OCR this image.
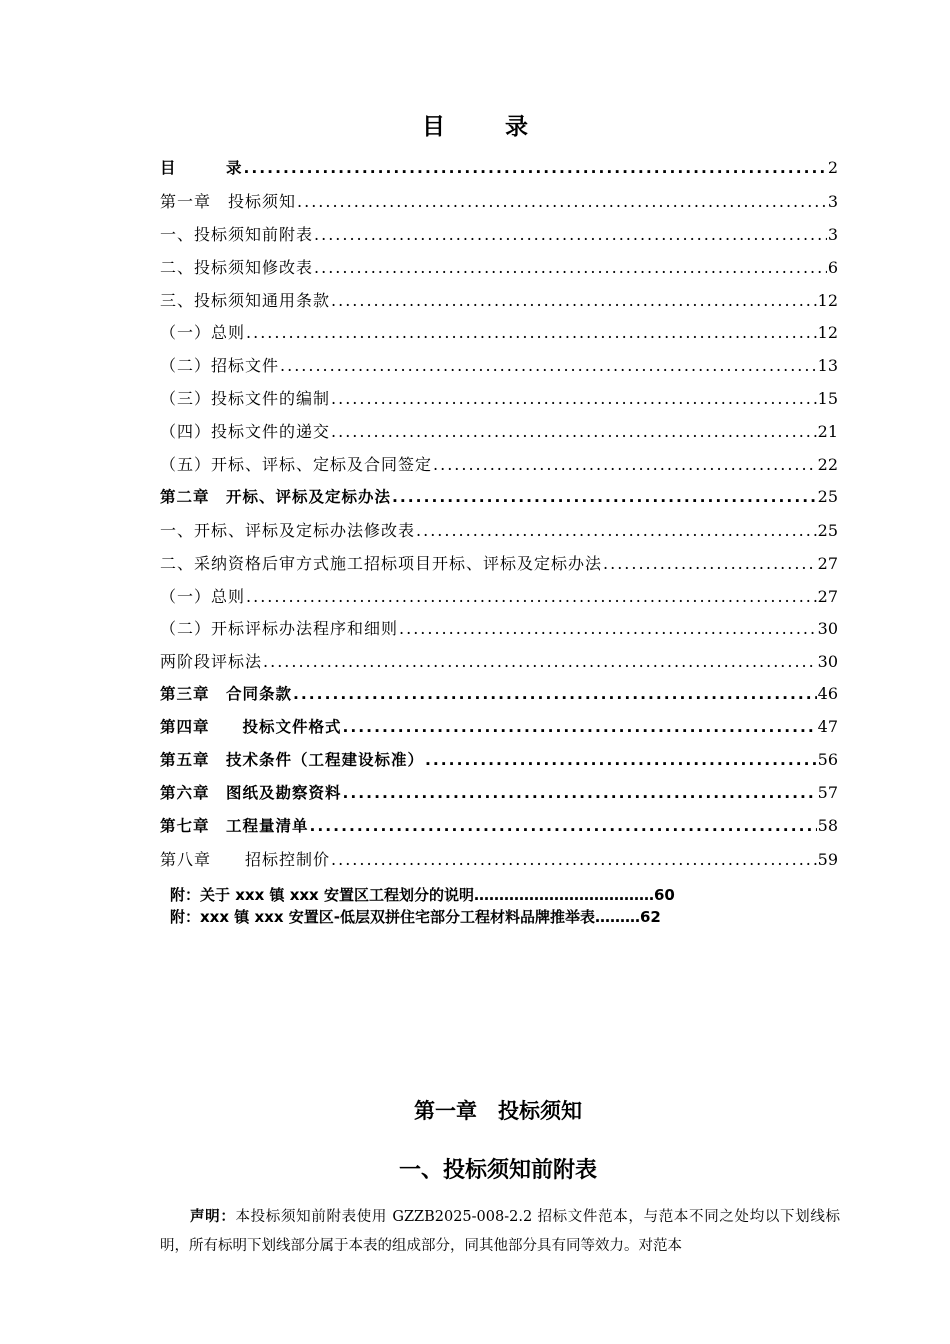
目	录
目　　　录 .....	2
第一章　投标须知 .....	3
一、投标须知前附表 .....	3
二、投标须知修改表 .....	6
三、投标须知通用条款 .....	12
（一）总则 .....	12
（二）招标文件 .....	13
（三）投标文件的编制 .....	15
（四）投标文件的递交 .....	21
（五）开标、评标、定标及合同签定 .....	22
第二章　开标、评标及定标办法 .....	25
一、开标、评标及定标办法修改表 .....	25
二、采纳资格后审方式施工招标项目开标、评标及定标办法 .....	27
（一）总则 .....	27
（二）开标评标办法程序和细则 .....	30
两阶段评标法 .....	30
第三章　合同条款 .....	46
第四章　　投标文件格式 .....	47
第五章　技术条件（工程建设标准） .....	56
第六章　图纸及勘察资料 .....	57
第七章　工程量清单 .....	58
第八章　　招标控制价 .....	59
附：关于 xxx 镇 xxx 安置区工程划分的说明………………………………60
附：xxx 镇 xxx 安置区-低层双拼住宅部分工程材料品牌推举表………62
第一章　投标须知
一、投标须知前附表
声明：本投标须知前附表使用 GZZB2025-008-2.2 招标文件范本，与范本不同之处均以下划线标明，所有标明下划线部分属于本表的组成部分，同其他部分具有同等效力。对范本
